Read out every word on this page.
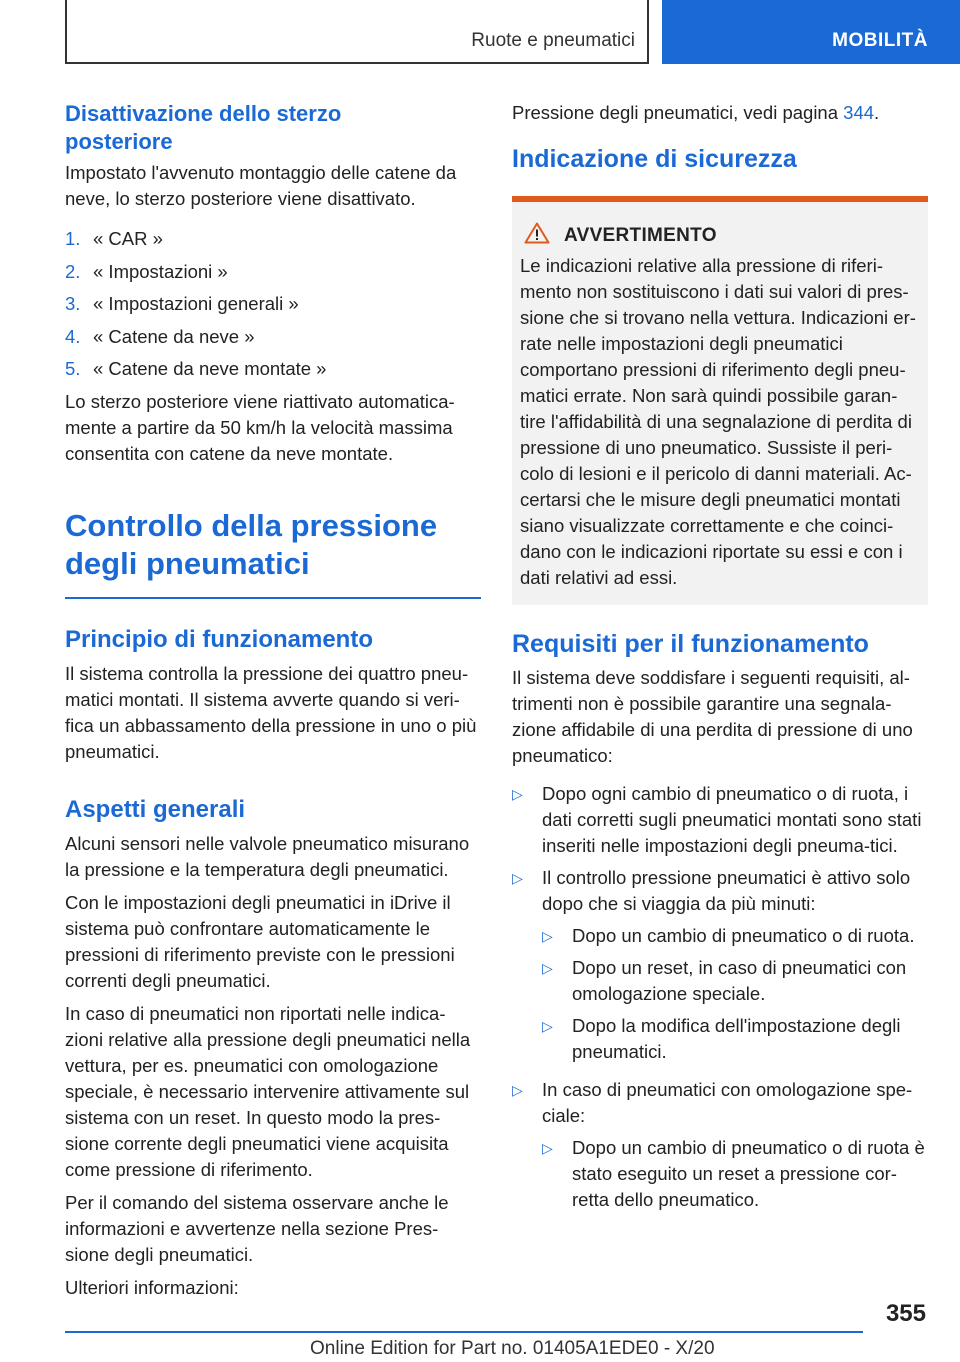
Ruote e pneumatici	MOBILITÀ
Disattivazione dello sterzo posteriore

Impostato l'avvenuto montaggio delle catene da neve, lo sterzo posteriore viene disattivato.

1. « CAR »
2. « Impostazioni »
3. « Impostazioni generali »
4. « Catene da neve »
5. « Catene da neve montate »

Lo sterzo posteriore viene riattivato automatica-mente a partire da 50 km/h la velocità massima consentita con catene da neve montate.

Controllo della pressione degli pneumatici
Principio di funzionamento

Il sistema controlla la pressione dei quattro pneu-matici montati. Il sistema avverte quando si veri-fica un abbassamento della pressione in uno o più pneumatici.

Aspetti generali

Alcuni sensori nelle valvole pneumatico misurano la pressione e la temperatura degli pneumatici.

Con le impostazioni degli pneumatici in iDrive il sistema può confrontare automaticamente le pressioni di riferimento previste con le pressioni correnti degli pneumatici.

In caso di pneumatici non riportati nelle indica-zioni relative alla pressione degli pneumatici nella vettura, per es. pneumatici con omologazione speciale, è necessario intervenire attivamente sul sistema con un reset. In questo modo la pres-sione corrente degli pneumatici viene acquisita come pressione di riferimento.

Per il comando del sistema osservare anche le informazioni e avvertenze nella sezione Pres-sione degli pneumatici.

Ulteriori informazioni:

Pressione degli pneumatici, vedi pagina 344.

Indicazione di sicurezza
AVVERTIMENTO

Le indicazioni relative alla pressione di riferi-mento non sostituiscono i dati sui valori di pres-sione che si trovano nella vettura. Indicazioni er-rate nelle impostazioni degli pneumatici comportano pressioni di riferimento degli pneu-matici errate. Non sarà quindi possibile garan-tire l'affidabilità di una segnalazione di perdita di pressione di uno pneumatico. Sussiste il peri-colo di lesioni e il pericolo di danni materiali. Ac-certarsi che le misure degli pneumatici montati siano visualizzate correttamente e che coinci-dano con le indicazioni riportate su essi e con i dati relativi ad essi.

Requisiti per il funzionamento

Il sistema deve soddisfare i seguenti requisiti, al-trimenti non è possibile garantire una segnala-zione affidabile di una perdita di pressione di uno pneumatico:

▷	Dopo ogni cambio di pneumatico o di ruota, i dati corretti sugli pneumatici montati sono stati inseriti nelle impostazioni degli pneuma-tici.
▷	Il controllo pressione pneumatici è attivo solo dopo che si viaggia da più minuti:
▷	Dopo un cambio di pneumatico o di ruota.
▷	Dopo un reset, in caso di pneumatici con omologazione speciale.
▷	Dopo la modifica dell'impostazione degli pneumatici.
▷	In caso di pneumatici con omologazione spe-ciale:
▷	Dopo un cambio di pneumatico o di ruota è stato eseguito un reset a pressione cor-retta dello pneumatico.
355
Online Edition for Part no. 01405A1EDE0 - X/20
